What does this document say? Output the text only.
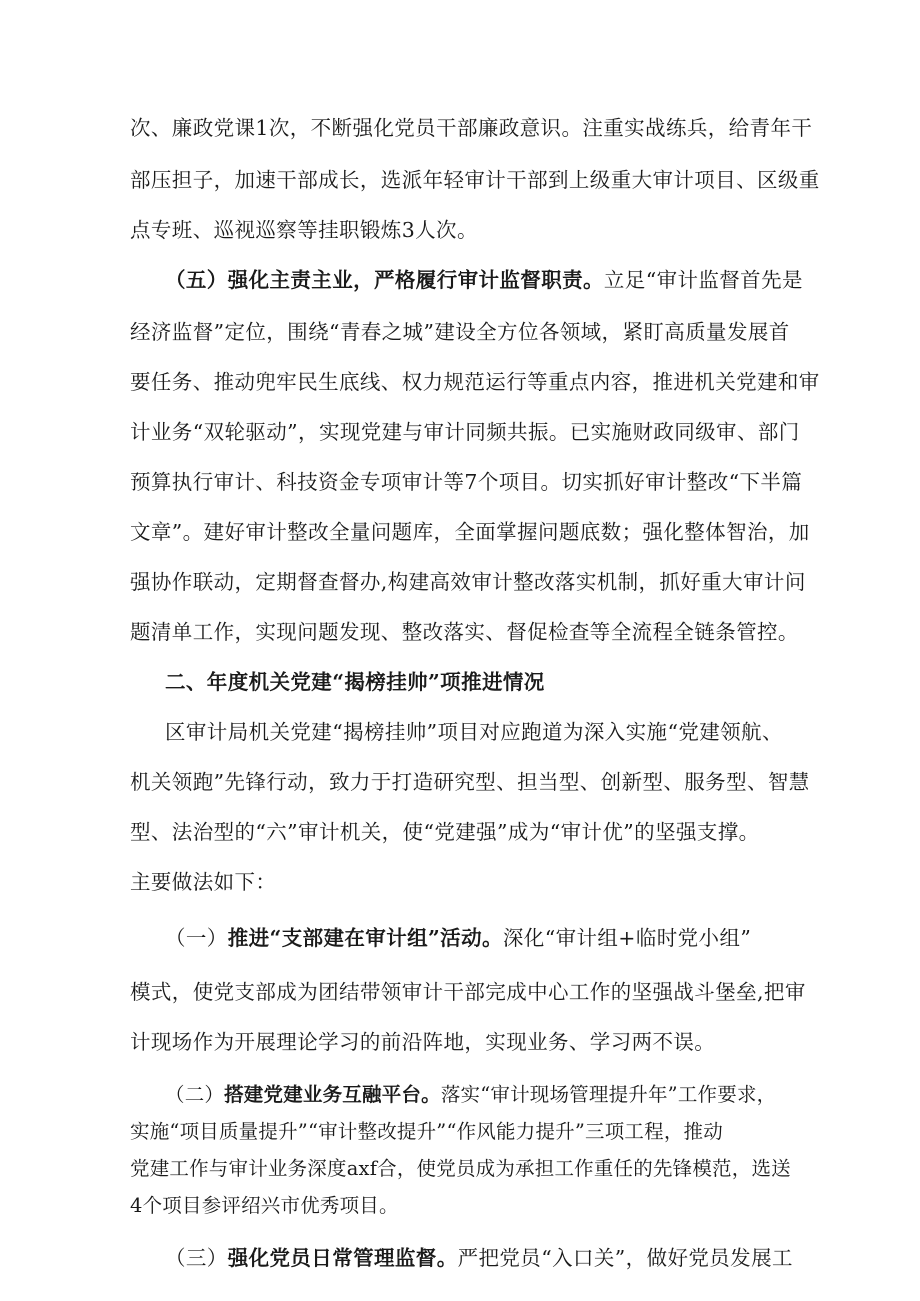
次、廉政党课1次，不断强化党员干部廉政意识。注重实战练兵，给青年干
部压担子，加速干部成长，选派年轻审计干部到上级重大审计项目、区级重
点专班、巡视巡察等挂职锻炼3人次。
（五）强化主责主业，严格履行审计监督职责。立足“审计监督首先是
经济监督”定位，围绕“青春之城”建设全方位各领域，紧盯高质量发展首
要任务、推动兜牢民生底线、权力规范运行等重点内容，推进机关党建和审
计业务“双轮驱动”，实现党建与审计同频共振。已实施财政同级审、部门
预算执行审计、科技资金专项审计等7个项目。切实抓好审计整改“下半篇
文章”。建好审计整改全量问题库，全面掌握问题底数；强化整体智治，加
强协作联动，定期督查督办,构建高效审计整改落实机制，抓好重大审计问
题清单工作，实现问题发现、整改落实、督促检查等全流程全链条管控。
二、年度机关党建“揭榜挂帅”项推进情况
区审计局机关党建“揭榜挂帅”项目对应跑道为深入实施“党建领航、
机关领跑”先锋行动，致力于打造研究型、担当型、创新型、服务型、智慧
型、法治型的“六”审计机关，使“党建强”成为“审计优”的坚强支撑。
主要做法如下：
（一）推进“支部建在审计组”活动。深化“审计组+临时党小组”
模式，使党支部成为团结带领审计干部完成中心工作的坚强战斗堡垒,把审
计现场作为开展理论学习的前沿阵地，实现业务、学习两不误。
（二）搭建党建业务互融平台。落实“审计现场管理提升年”工作要求，
实施“项目质量提升”“审计整改提升”“作风能力提升”三项工程，推动
党建工作与审计业务深度axf合，使党员成为承担工作重任的先锋模范，选送
4个项目参评绍兴市优秀项目。
（三）强化党员日常管理监督。严把党员“入口关”，做好党员发展工
